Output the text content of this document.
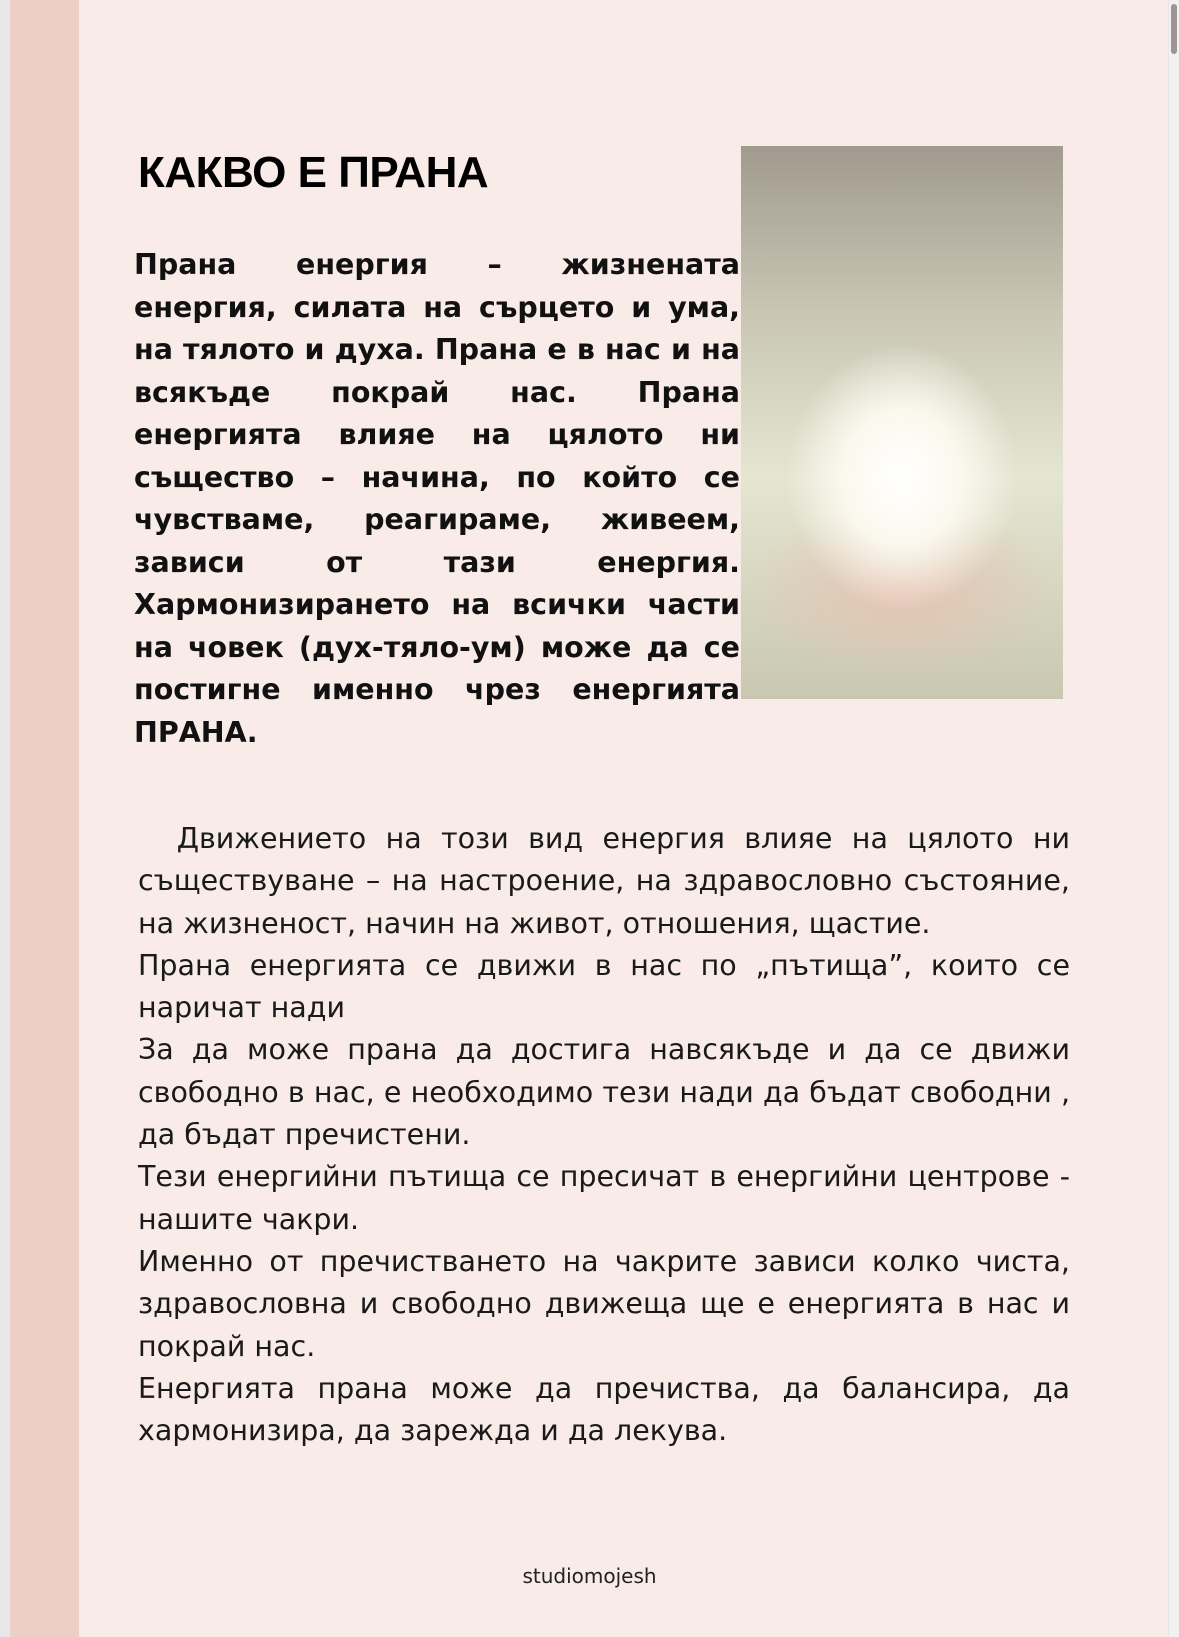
КАКВО Е ПРАНА
Прана енергия – жизнената енергия, силата на сърцето и ума, на тялото и духа. Прана е в нас и на всякъде покрай нас. Прана енергията влияе на цялото ни същество – начина, по който се чувстваме, реагираме, живеем, зависи от тази енергия. Хармонизирането на всички части на човек (дух-тяло-ум) може да се постигне именно чрез енергията ПРАНА.

Движението на този вид енергия влияе на цялото ни съществуване – на настроение, на здравословно състояние, на жизненост, начин на живот, отношения, щастие.

Прана енергията се движи в нас по „пътища”, които се наричат нади

За да може прана да достига навсякъде и да се движи свободно в нас, е необходимо тези нади да бъдат свободни , да бъдат пречистени.

Тези енергийни пътища се пресичат в енергийни центрове - нашите чакри.

Именно от пречистването на чакрите зависи колко чиста, здравословна и свободно движеща ще е енергията в нас и покрай нас.

Енергията прана може да пречиства, да балансира, да хармонизира, да зарежда и да лекува.

studiomojesh
